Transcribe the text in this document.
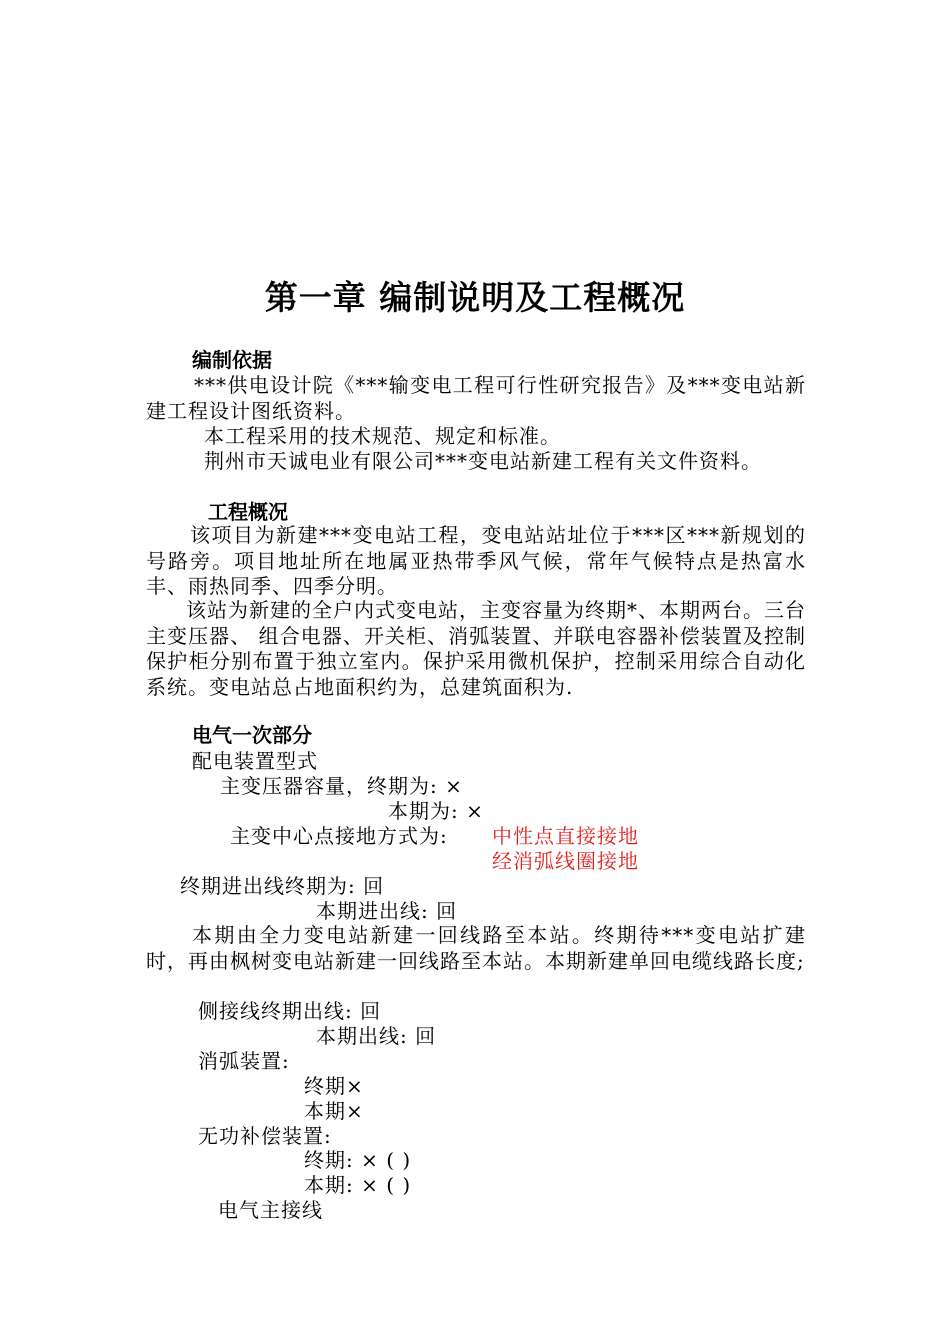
第一章 编制说明及工程概况
编制依据
***供电设计院《***输变电工程可行性研究报告》及***变电站新建工程设计图纸资料。
本工程采用的技术规范、规定和标准。
荆州市天诚电业有限公司***变电站新建工程有关文件资料。
工程概况
该项目为新建***变电站工程，变电站站址位于***区***新规划的号路旁。项目地址所在地属亚热带季风气候，常年气候特点是热富水丰、雨热同季、四季分明。
该站为新建的全户内式变电站，主变容量为终期*、本期两台。三台主变压器、 组合电器、开关柜、消弧装置、并联电容器补偿装置及控制保护柜分别布置于独立室内。保护采用微机保护，控制采用综合自动化系统。变电站总占地面积约为，总建筑面积为.
电气一次部分
配电装置型式
主变压器容量，终期为: ×
本期为: ×
主变中心点接地方式为: 中性点直接接地
经消弧线圈接地
终期进出线终期为: 回
本期进出线: 回
本期由全力变电站新建一回线路至本站。终期待***变电站扩建时，再由枫树变电站新建一回线路至本站。本期新建单回电缆线路长度;
侧接线终期出线: 回
本期出线: 回
消弧装置:
终期×
本期×
无功补偿装置:
终期: × ( )
本期: × ( )
电气主接线
